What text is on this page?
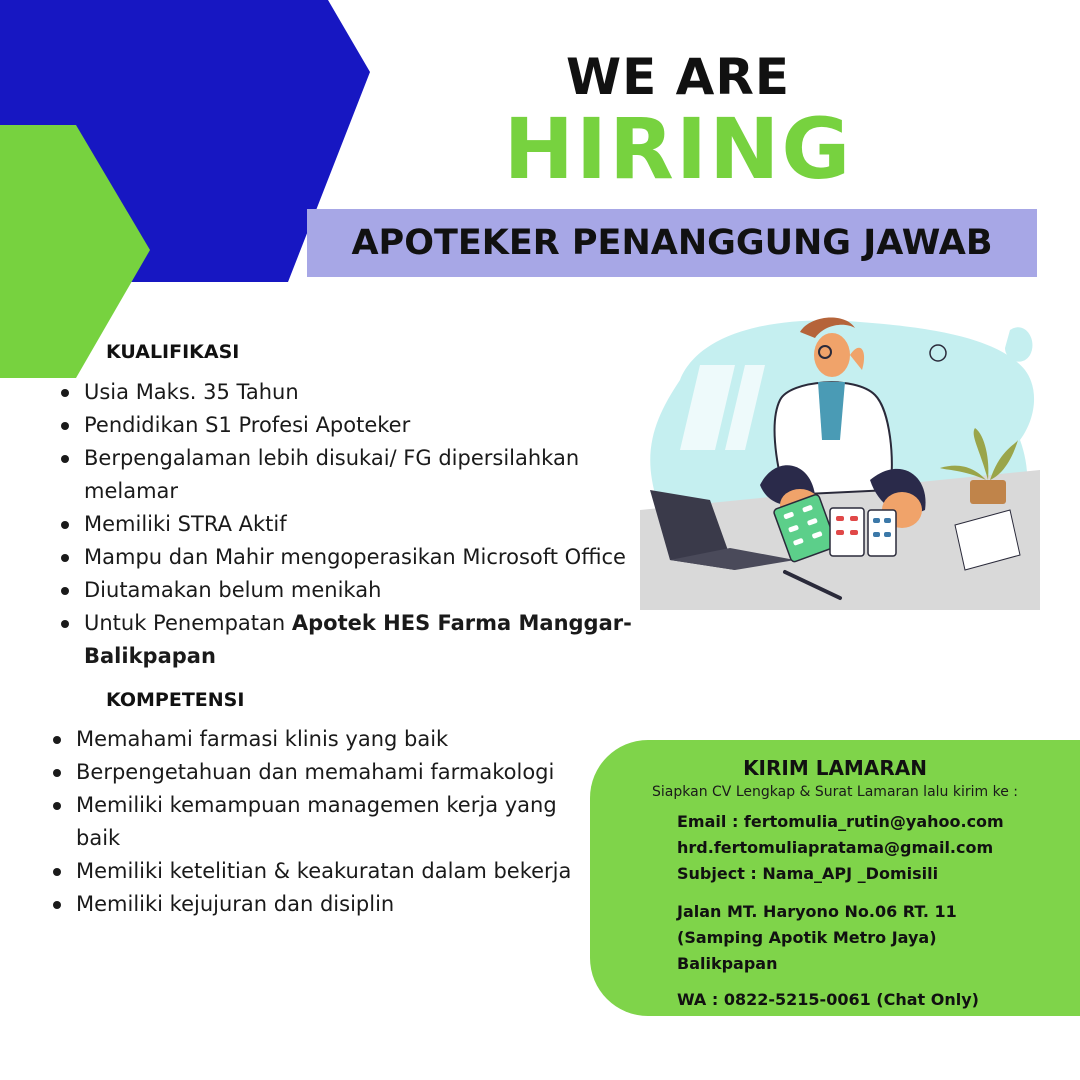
WE ARE
HIRING
APOTEKER PENANGGUNG JAWAB
KUALIFIKASI
Usia Maks. 35 Tahun
Pendidikan S1 Profesi Apoteker
Berpengalaman lebih disukai/ FG dipersilahkan melamar
Memiliki STRA Aktif
Mampu dan Mahir mengoperasikan Microsoft Office
Diutamakan belum menikah
Untuk Penempatan Apotek HES Farma Manggar-Balikpapan
KOMPETENSI
Memahami farmasi klinis yang baik
Berpengetahuan dan memahami farmakologi
Memiliki kemampuan managemen kerja yang baik
Memiliki ketelitian & keakuratan dalam bekerja
Memiliki kejujuran dan disiplin
KIRIM LAMARAN
Siapkan CV Lengkap & Surat Lamaran lalu kirim ke :
Email : fertomulia_rutin@yahoo.com
hrd.fertomuliapratama@gmail.com
Subject : Nama_APJ _Domisili
Jalan MT. Haryono No.06 RT. 11
(Samping Apotik Metro Jaya)
Balikpapan
WA : 0822-5215-0061 (Chat Only)
